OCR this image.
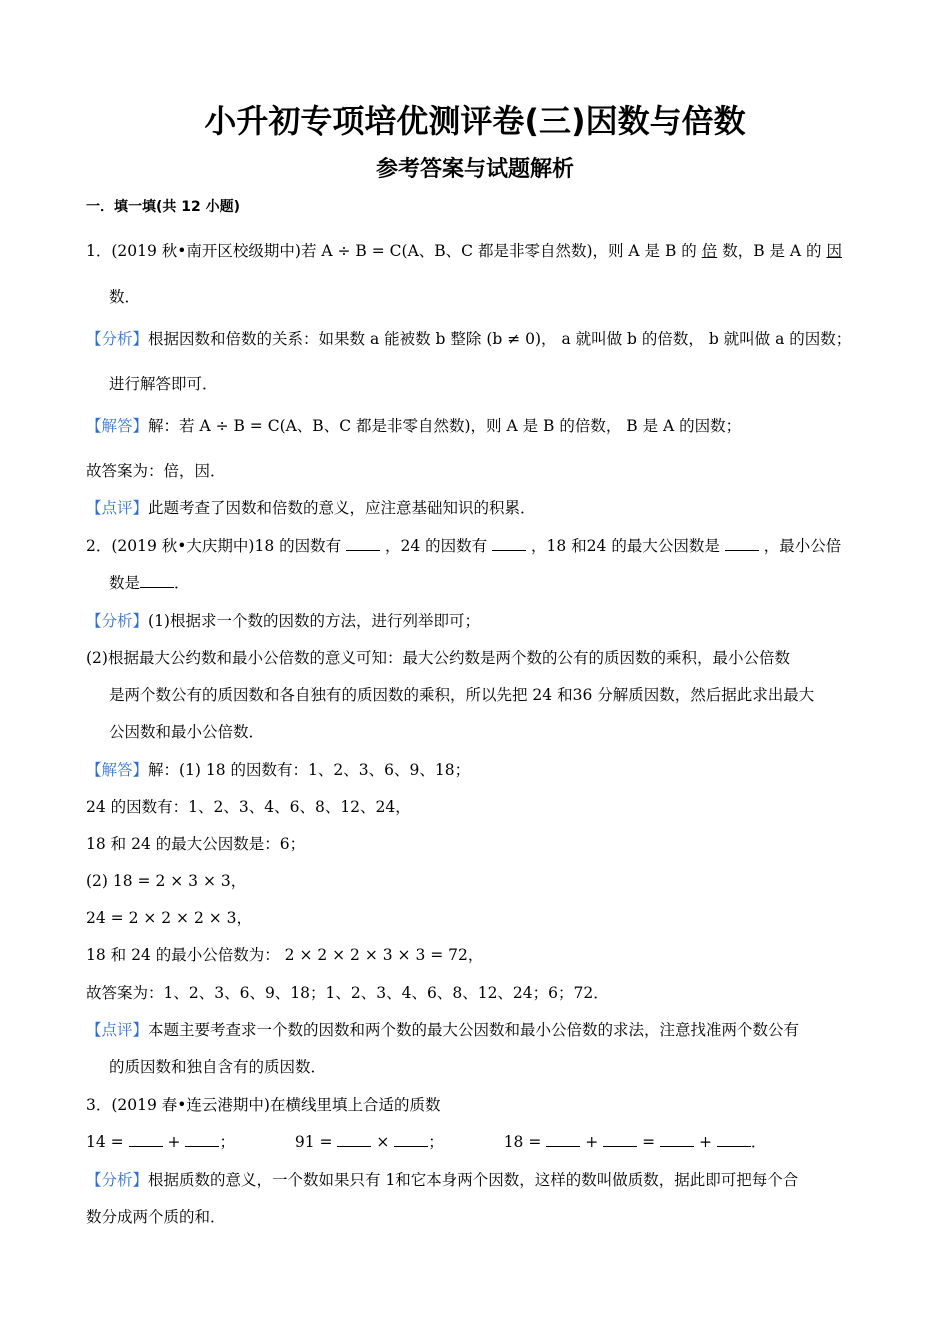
小升初专项培优测评卷(三)因数与倍数
参考答案与试题解析
一．填一填(共 12 小题)
1．(2019 秋•南开区校级期中)若 A ÷ B = C(A、B、C 都是非零自然数)，则 A 是 B 的 倍 数，B 是 A 的 因
数．
【分析】根据因数和倍数的关系：如果数 a 能被数 b 整除 (b ≠ 0)， a 就叫做 b 的倍数， b 就叫做 a 的因数；
进行解答即可．
【解答】解：若 A ÷ B = C(A、B、C 都是非零自然数)，则 A 是 B 的倍数， B 是 A 的因数；
故答案为：倍，因．
【点评】此题考查了因数和倍数的意义，应注意基础知识的积累．
2．(2019 秋•大庆期中)18 的因数有	，24 的因数有	，18 和24 的最大公因数是	，最小公倍
数是 ．
【分析】(1)根据求一个数的因数的方法，进行列举即可；
(2)根据最大公约数和最小公倍数的意义可知：最大公约数是两个数的公有的质因数的乘积，最小公倍数
是两个数公有的质因数和各自独有的质因数的乘积，所以先把 24 和36 分解质因数，然后据此求出最大
公因数和最小公倍数．
【解答】解：(1) 18 的因数有：1、2、3、6、9、18；
24 的因数有：1、2、3、4、6、8、12、24，
18 和 24 的最大公因数是：6；
(2) 18 = 2 × 3 × 3，
24 = 2 × 2 × 2 × 3，
18 和 24 的最小公倍数为： 2 × 2 × 2 × 3 × 3 = 72，
故答案为：1、2、3、6、9、18；1、2、3、4、6、8、12、24；6；72．
【点评】本题主要考查求一个数的因数和两个数的最大公因数和最小公倍数的求法，注意找准两个数公有
的质因数和独自含有的质因数．
3．(2019 春•连云港期中)在横线里填上合适的质数
14 =	+	；	91 =	×	；	18 =	+	=	+	．
【分析】根据质数的意义，一个数如果只有 1和它本身两个因数，这样的数叫做质数，据此即可把每个合
数分成两个质的和．
